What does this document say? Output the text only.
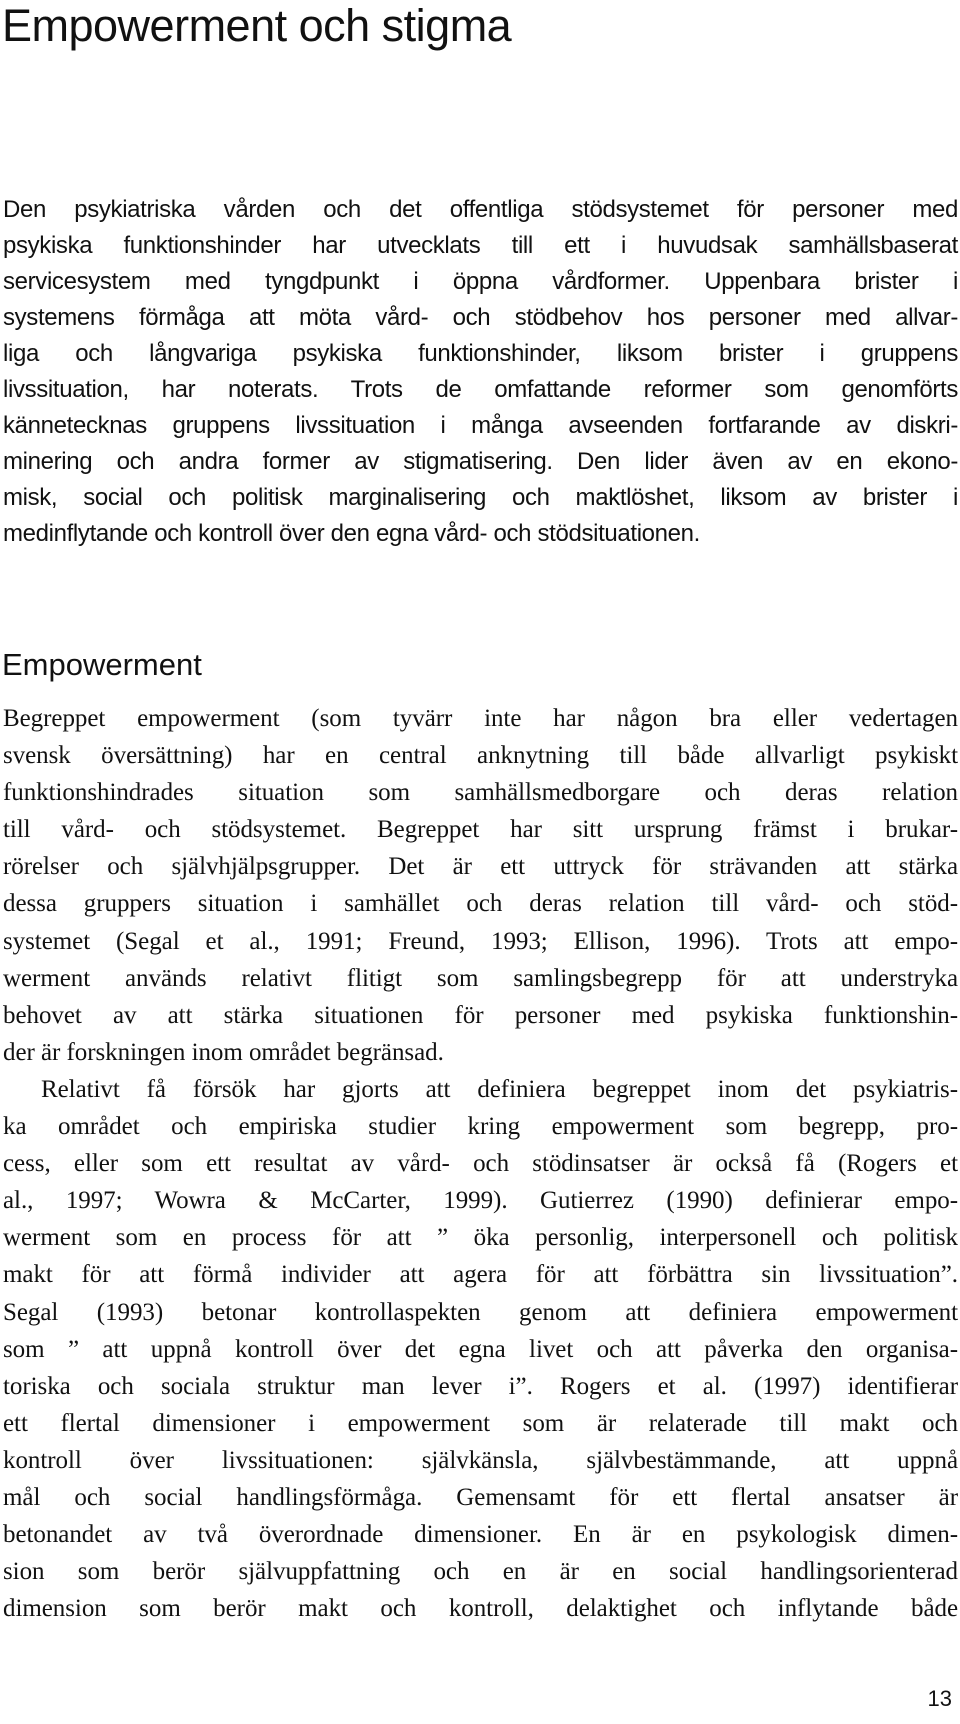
Empowerment och stigma
Den psykiatriska vården och det offentliga stödsystemet för personer med
psykiska funktionshinder har utvecklats till ett i huvudsak samhällsbaserat
servicesystem med tyngdpunkt i öppna vårdformer. Uppenbara brister i
systemens förmåga att möta vård- och stödbehov hos personer med allvar-
liga och långvariga psykiska funktionshinder, liksom brister i gruppens
livssituation, har noterats. Trots de omfattande reformer som genomförts
kännetecknas gruppens livssituation i många avseenden fortfarande av diskri-
minering och andra former av stigmatisering. Den lider även av en ekono-
misk, social och politisk marginalisering och maktlöshet, liksom av brister i
medinflytande och kontroll över den egna vård- och stödsituationen.
Empowerment
Begreppet empowerment (som tyvärr inte har någon bra eller vedertagen
svensk översättning) har en central anknytning till både allvarligt psykiskt
funktionshindrades situation som samhällsmedborgare och deras relation
till vård- och stödsystemet. Begreppet har sitt ursprung främst i brukar-
rörelser och självhjälpsgrupper. Det är ett uttryck för strävanden att stärka
dessa gruppers situation i samhället och deras relation till vård- och stöd-
systemet (Segal et al., 1991; Freund, 1993; Ellison, 1996). Trots att empo-
werment används relativt flitigt som samlingsbegrepp för att understryka
behovet av att stärka situationen för personer med psykiska funktionshin-
der är forskningen inom området begränsad.
Relativt få försök har gjorts att definiera begreppet inom det psykiatris-
ka området och empiriska studier kring empowerment som begrepp, pro-
cess, eller som ett resultat av vård- och stödinsatser är också få (Rogers et
al., 1997; Wowra & McCarter, 1999). Gutierrez (1990) definierar empo-
werment som en process för att ” öka personlig, interpersonell och politisk
makt för att förmå individer att agera för att förbättra sin livssituation”.
Segal (1993) betonar kontrollaspekten genom att definiera empowerment
som ” att uppnå kontroll över det egna livet och att påverka den organisa-
toriska och sociala struktur man lever i”. Rogers et al. (1997) identifierar
ett flertal dimensioner i empowerment som är relaterade till makt och
kontroll över livssituationen: självkänsla, självbestämmande, att uppnå
mål och social handlingsförmåga. Gemensamt för ett flertal ansatser är
betonandet av två överordnade dimensioner. En är en psykologisk dimen-
sion som berör självuppfattning och en är en social handlingsorienterad
dimension som berör makt och kontroll, delaktighet och inflytande både
13
